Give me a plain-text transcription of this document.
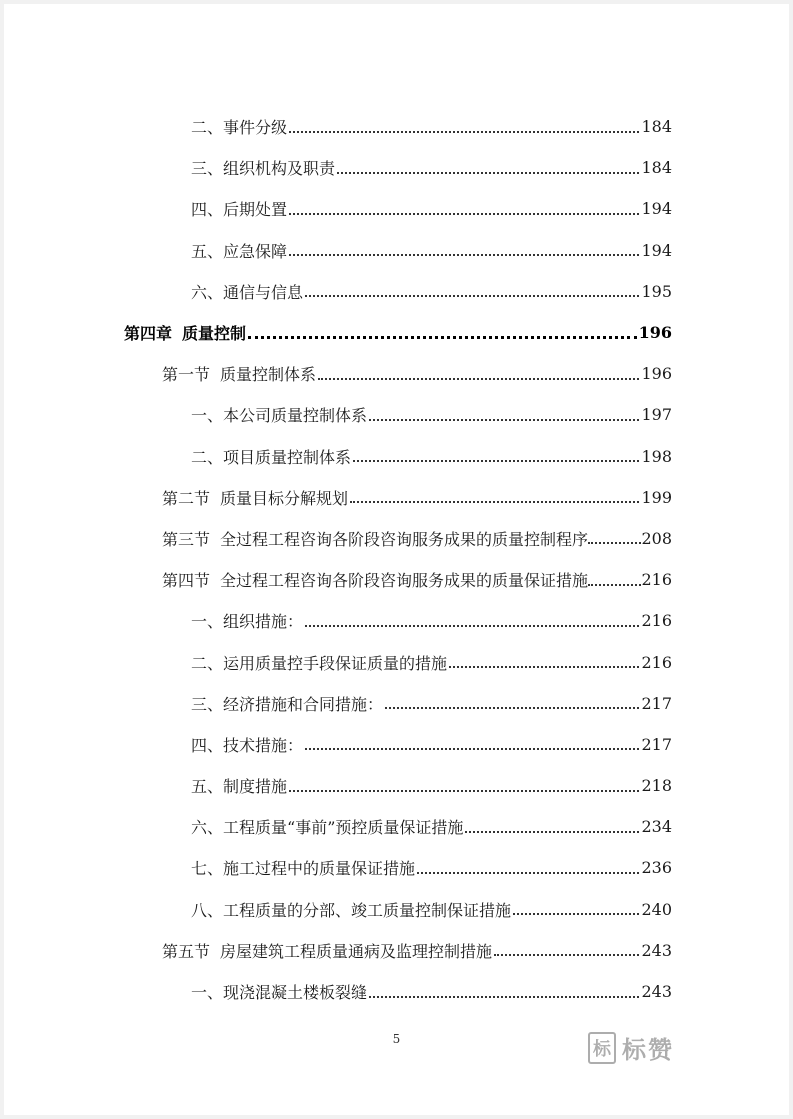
二、 事件分级	184
三、 组织机构及职责	184
四、 后期处置	194
五、 应急保障	194
六、 通信与信息	195
第四章 质量控制	196
第一节 质量控制体系	196
一、 本公司质量控制体系	197
二、 项目质量控制体系	198
第二节 质量目标分解规划	199
第三节 全过程工程咨询各阶段咨询服务成果的质量控制程序	208
第四节 全过程工程咨询各阶段咨询服务成果的质量保证措施	216
一、 组织措施：	216
二、 运用质量控手段保证质量的措施	216
三、 经济措施和合同措施：	217
四、 技术措施：	217
五、 制度措施	218
六、 工程质量“事前”预控质量保证措施	234
七、 施工过程中的质量保证措施	236
八、 工程质量的分部、竣工质量控制保证措施	240
第五节 房屋建筑工程质量通病及监理控制措施	243
一、 现浇混凝土楼板裂缝	243
5	标 标赞
